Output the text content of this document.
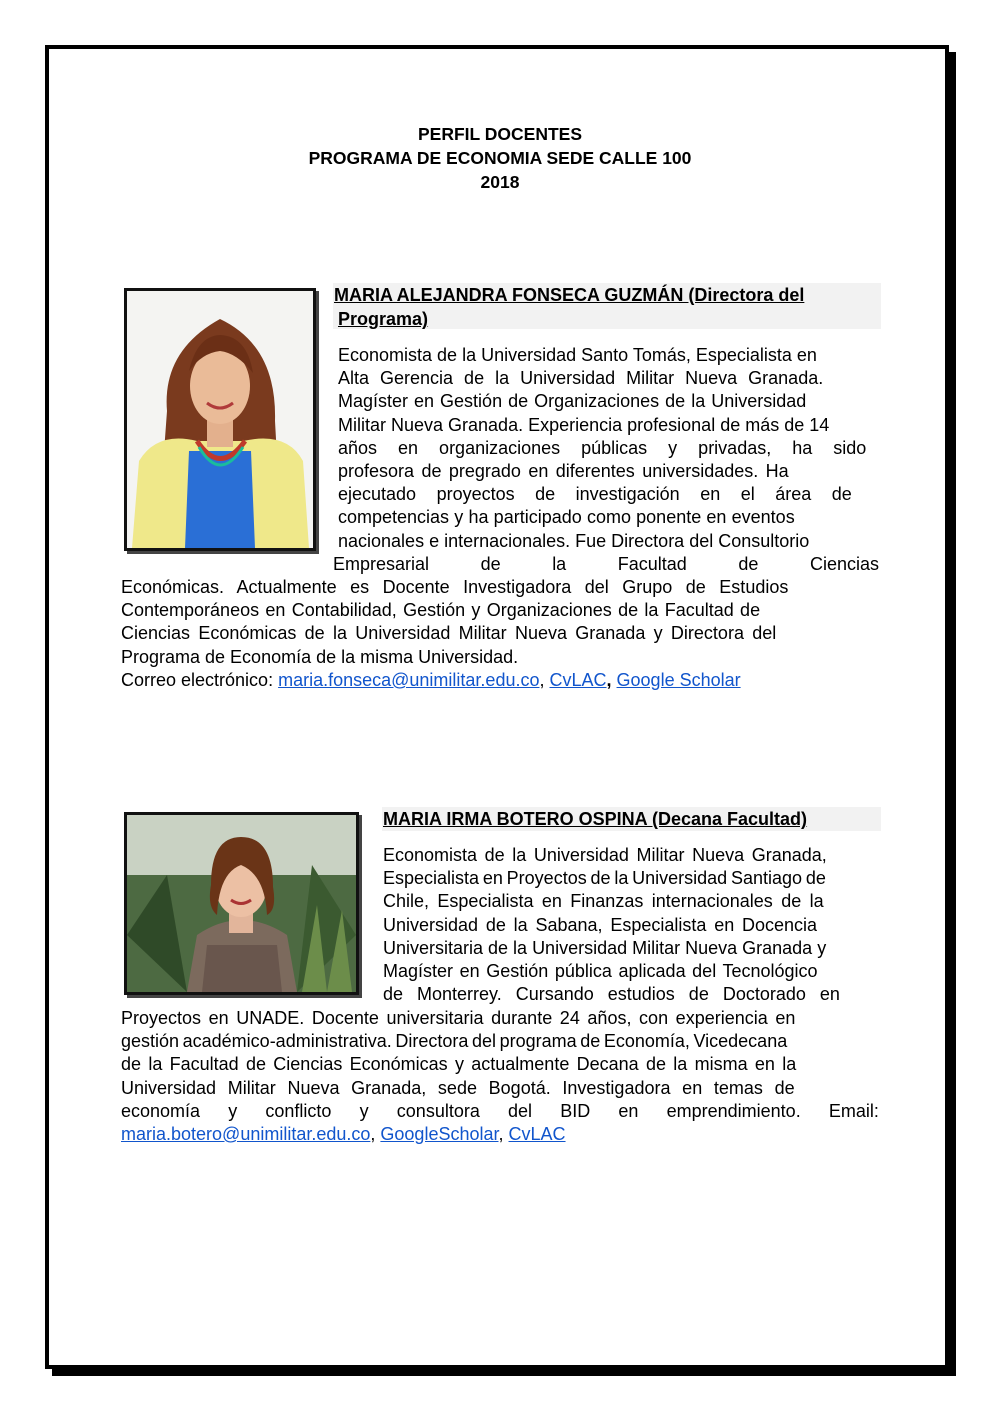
PERFIL DOCENTES
PROGRAMA DE ECONOMIA SEDE CALLE 100
2018
MARIA ALEJANDRA FONSECA GUZMÁN (Directora del
Programa)
Economista de la Universidad Santo Tomás, Especialista en
Alta Gerencia de la Universidad Militar Nueva Granada.
Magíster en Gestión de Organizaciones de la Universidad
Militar Nueva Granada. Experiencia profesional de más de 14
años en organizaciones públicas y privadas, ha sido
profesora de pregrado en diferentes universidades. Ha
ejecutado proyectos de investigación en el área de
competencias y ha participado como ponente en eventos
nacionales e internacionales. Fue Directora del Consultorio
Empresarial	de	la	Facultad	de	Ciencias
Económicas. Actualmente es Docente Investigadora del Grupo de Estudios
Contemporáneos en Contabilidad, Gestión y Organizaciones de la Facultad de
Ciencias Económicas de la Universidad Militar Nueva Granada y Directora del
Programa de Economía de la misma Universidad.
Correo electrónico: maria.fonseca@unimilitar.edu.co, CvLAC, Google Scholar
MARIA IRMA BOTERO OSPINA (Decana Facultad)
Economista de la Universidad Militar Nueva Granada,
Especialista en Proyectos de la Universidad Santiago de
Chile, Especialista en Finanzas internacionales de la
Universidad de la Sabana, Especialista en Docencia
Universitaria de la Universidad Militar Nueva Granada y
Magíster en Gestión pública aplicada del Tecnológico
de Monterrey. Cursando estudios de Doctorado en
Proyectos en UNADE. Docente universitaria durante 24 años, con experiencia en
gestión académico-administrativa. Directora del programa de Economía, Vicedecana
de la Facultad de Ciencias Económicas y actualmente Decana de la misma en la
Universidad Militar Nueva Granada, sede Bogotá. Investigadora en temas de
economía y conflicto y consultora del BID en emprendimiento. Email:
maria.botero@unimilitar.edu.co, GoogleScholar, CvLAC
